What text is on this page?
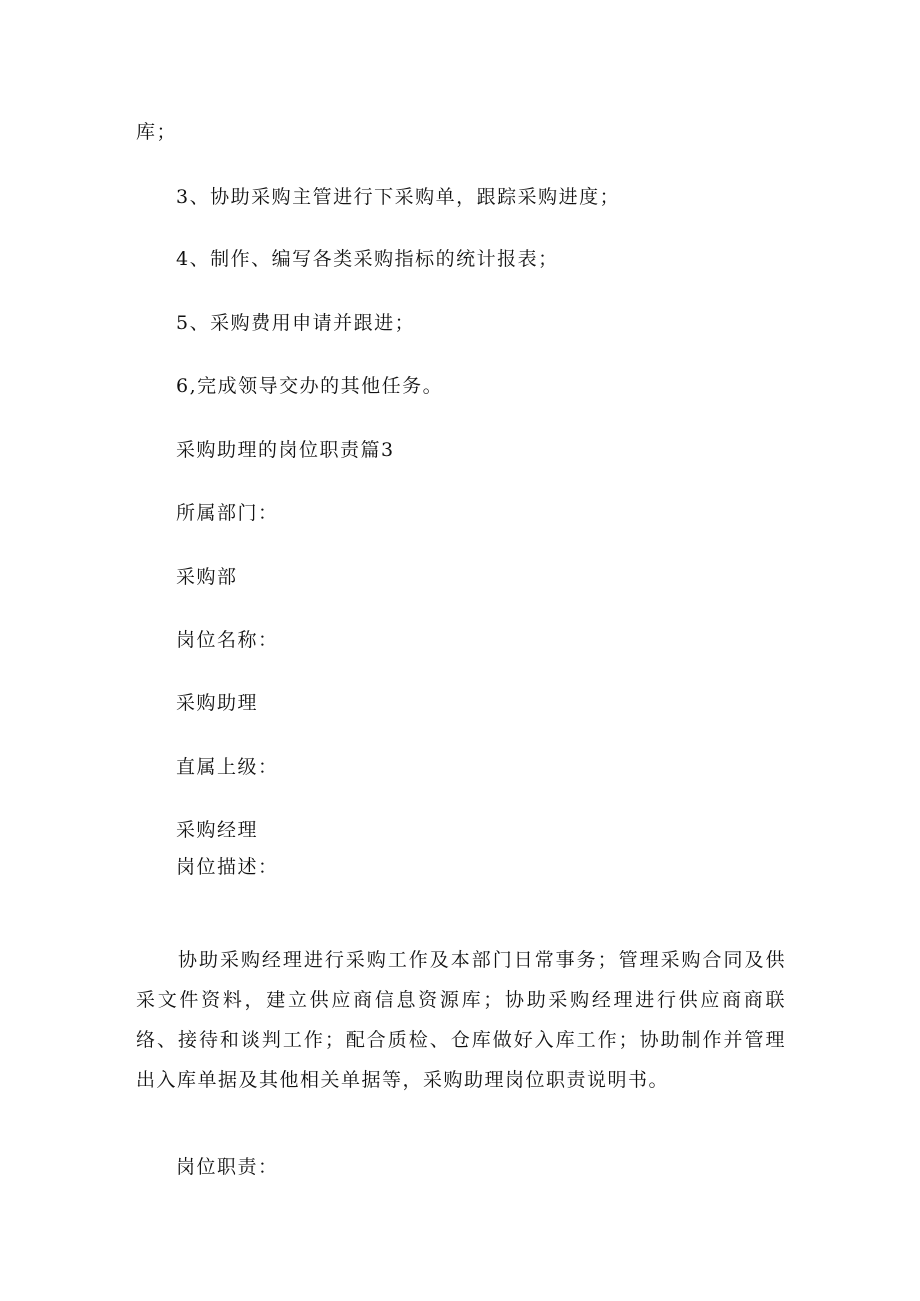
库；
3、协助采购主管进行下采购单，跟踪采购进度；
4、制作、编写各类采购指标的统计报表；
5、采购费用申请并跟进；
6,完成领导交办的其他任务。
采购助理的岗位职责篇3
所属部门：
采购部
岗位名称：
采购助理
直属上级：
采购经理
岗位描述：
协助采购经理进行采购工作及本部门日常事务；管理采购合同及供采文件资料，建立供应商信息资源库；协助采购经理进行供应商商联络、接待和谈判工作；配合质检、仓库做好入库工作；协助制作并管理出入库单据及其他相关单据等，采购助理岗位职责说明书。
岗位职责：
